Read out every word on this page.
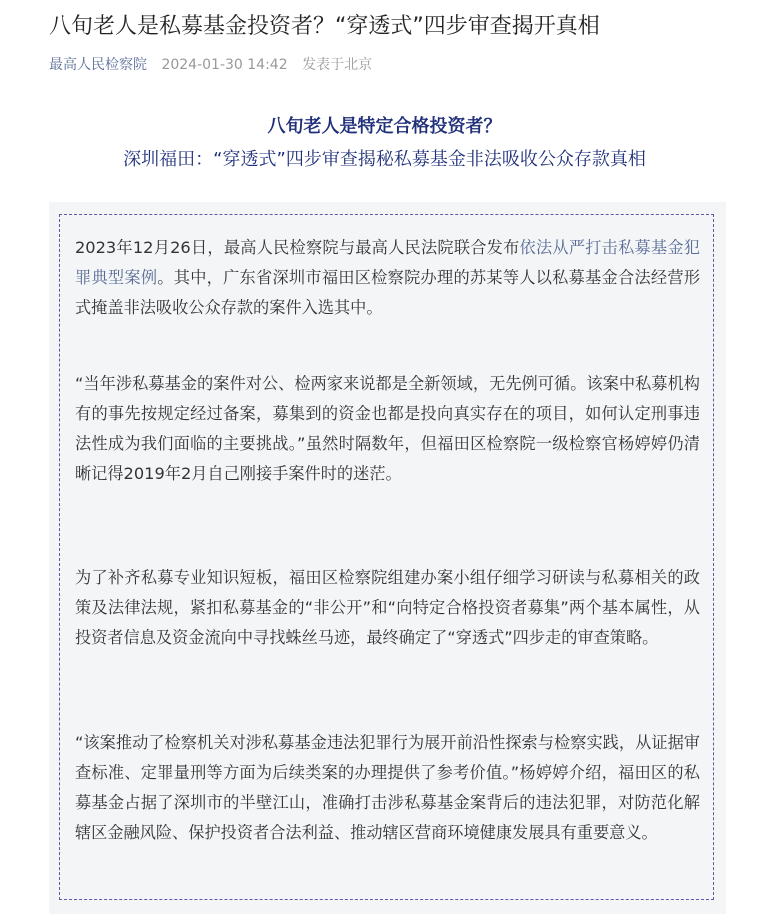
八旬老人是私募基金投资者？“穿透式”四步审查揭开真相
最高人民检察院 2024-01-30 14:42 发表于北京
八旬老人是特定合格投资者？
深圳福田：“穿透式”四步审查揭秘私募基金非法吸收公众存款真相

2023年12月26日，最高人民检察院与最高人民法院联合发布依法从严打击私募基金犯罪典型案例。其中，广东省深圳市福田区检察院办理的苏某等人以私募基金合法经营形式掩盖非法吸收公众存款的案件入选其中。

“当年涉私募基金的案件对公、检两家来说都是全新领域，无先例可循。该案中私募机构有的事先按规定经过备案，募集到的资金也都是投向真实存在的项目，如何认定刑事违法性成为我们面临的主要挑战。”虽然时隔数年，但福田区检察院一级检察官杨婷婷仍清晰记得2019年2月自己刚接手案件时的迷茫。

为了补齐私募专业知识短板，福田区检察院组建办案小组仔细学习研读与私募相关的政策及法律法规，紧扣私募基金的“非公开”和“向特定合格投资者募集”两个基本属性，从投资者信息及资金流向中寻找蛛丝马迹，最终确定了“穿透式”四步走的审查策略。

“该案推动了检察机关对涉私募基金违法犯罪行为展开前沿性探索与检察实践，从证据审查标准、定罪量刑等方面为后续类案的办理提供了参考价值。”杨婷婷介绍，福田区的私募基金占据了深圳市的半壁江山，准确打击涉私募基金案背后的违法犯罪，对防范化解辖区金融风险、保护投资者合法利益、推动辖区营商环境健康发展具有重要意义。
